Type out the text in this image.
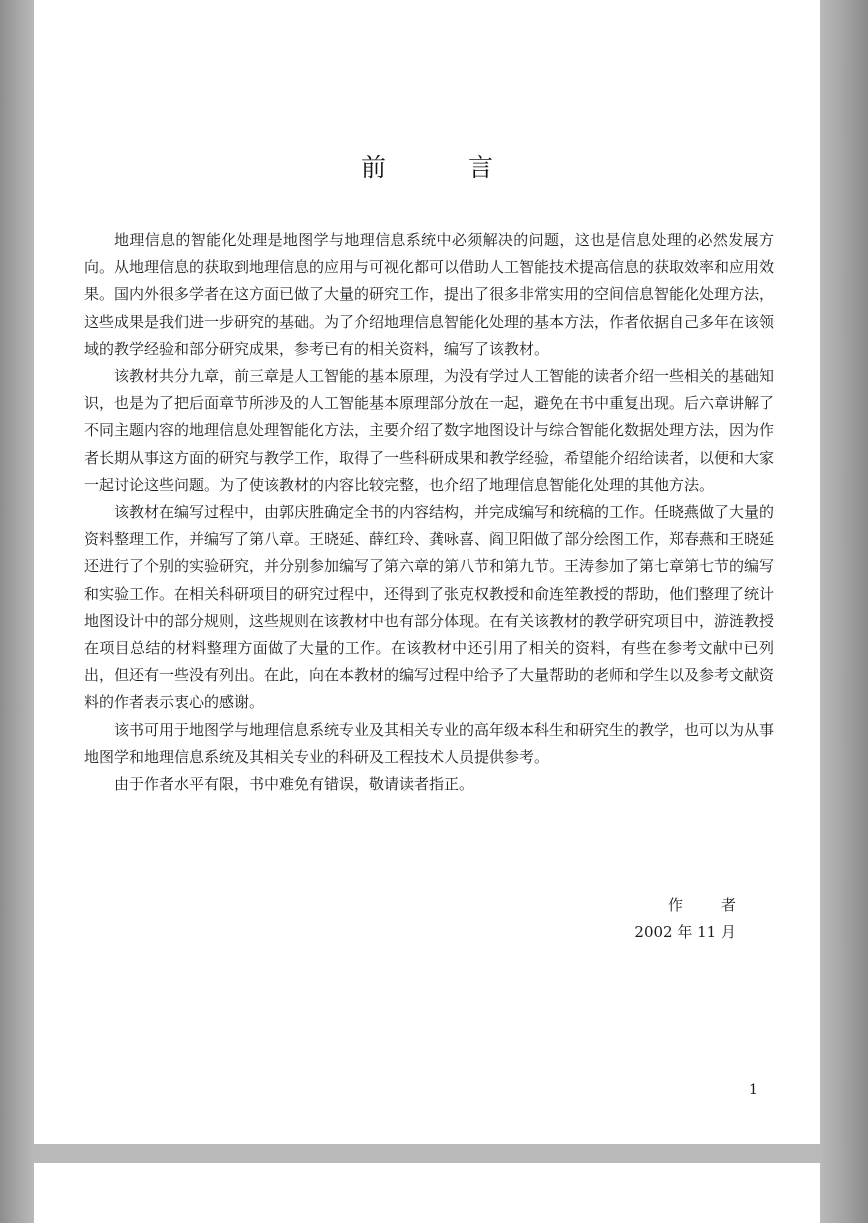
前	言

地理信息的智能化处理是地图学与地理信息系统中必须解决的问题，这也是信息处理的必然发展方向。从地理信息的获取到地理信息的应用与可视化都可以借助人工智能技术提高信息的获取效率和应用效果。国内外很多学者在这方面已做了大量的研究工作，提出了很多非常实用的空间信息智能化处理方法，这些成果是我们进一步研究的基础。为了介绍地理信息智能化处理的基本方法，作者依据自己多年在该领域的教学经验和部分研究成果，参考已有的相关资料，编写了该教材。

该教材共分九章，前三章是人工智能的基本原理，为没有学过人工智能的读者介绍一些相关的基础知识，也是为了把后面章节所涉及的人工智能基本原理部分放在一起，避免在书中重复出现。后六章讲解了不同主题内容的地理信息处理智能化方法，主要介绍了数字地图设计与综合智能化数据处理方法，因为作者长期从事这方面的研究与教学工作，取得了一些科研成果和教学经验，希望能介绍给读者，以便和大家一起讨论这些问题。为了使该教材的内容比较完整，也介绍了地理信息智能化处理的其他方法。

该教材在编写过程中，由郭庆胜确定全书的内容结构，并完成编写和统稿的工作。任晓燕做了大量的资料整理工作，并编写了第八章。王晓延、薛红玲、龚咏喜、阎卫阳做了部分绘图工作，郑春燕和王晓延还进行了个别的实验研究，并分别参加编写了第六章的第八节和第九节。王涛参加了第七章第七节的编写和实验工作。在相关科研项目的研究过程中，还得到了张克权教授和俞连笙教授的帮助，他们整理了统计地图设计中的部分规则，这些规则在该教材中也有部分体现。在有关该教材的教学研究项目中，游涟教授在项目总结的材料整理方面做了大量的工作。在该教材中还引用了相关的资料，有些在参考文献中已列出，但还有一些没有列出。在此，向在本教材的编写过程中给予了大量帮助的老师和学生以及参考文献资料的作者表示衷心的感谢。

该书可用于地图学与地理信息系统专业及其相关专业的高年级本科生和研究生的教学，也可以为从事地图学和地理信息系统及其相关专业的科研及工程技术人员提供参考。

由于作者水平有限，书中难免有错误，敬请读者指正。

作	者
2002 年 11 月
1
